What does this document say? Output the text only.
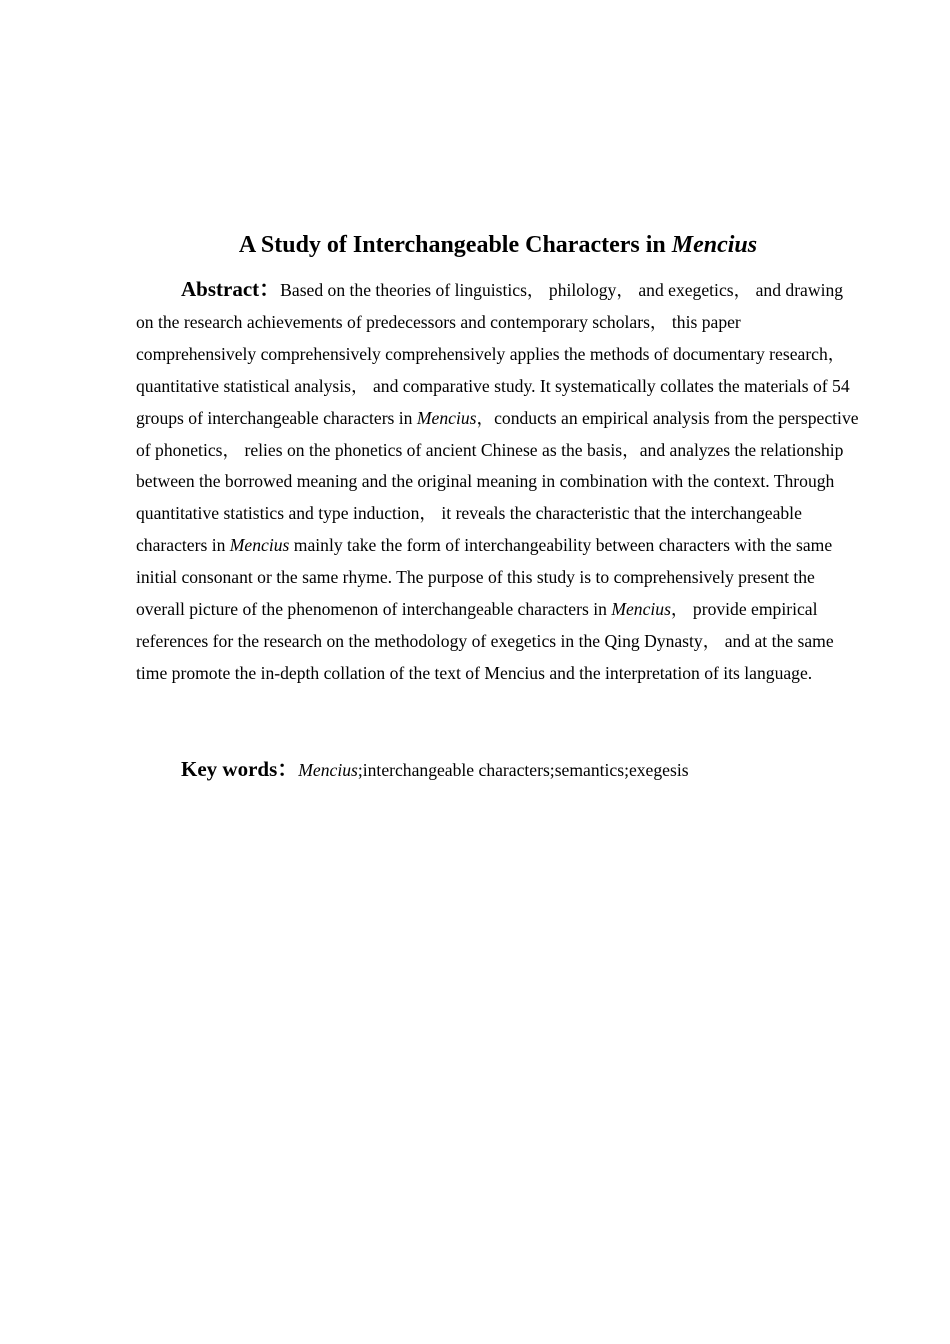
A Study of Interchangeable Characters in Mencius
Abstract：Based on the theories of linguistics， philology， and exegetics， and drawing on the research achievements of predecessors and contemporary scholars， this paper comprehensively comprehensively comprehensively applies the methods of documentary research， quantitative statistical analysis， and comparative study. It systematically collates the materials of 54 groups of interchangeable characters in Mencius，conducts an empirical analysis from the perspective of phonetics， relies on the phonetics of ancient Chinese as the basis，and analyzes the relationship between the borrowed meaning and the original meaning in combination with the context. Through quantitative statistics and type induction， it reveals the characteristic that the interchangeable characters in Mencius mainly take the form of interchangeability between characters with the same initial consonant or the same rhyme. The purpose of this study is to comprehensively present the overall picture of the phenomenon of interchangeable characters in Mencius， provide empirical references for the research on the methodology of exegetics in the Qing Dynasty， and at the same time promote the in-depth collation of the text of Mencius and the interpretation of its language.
Key words：Mencius;interchangeable characters;semantics;exegesis
